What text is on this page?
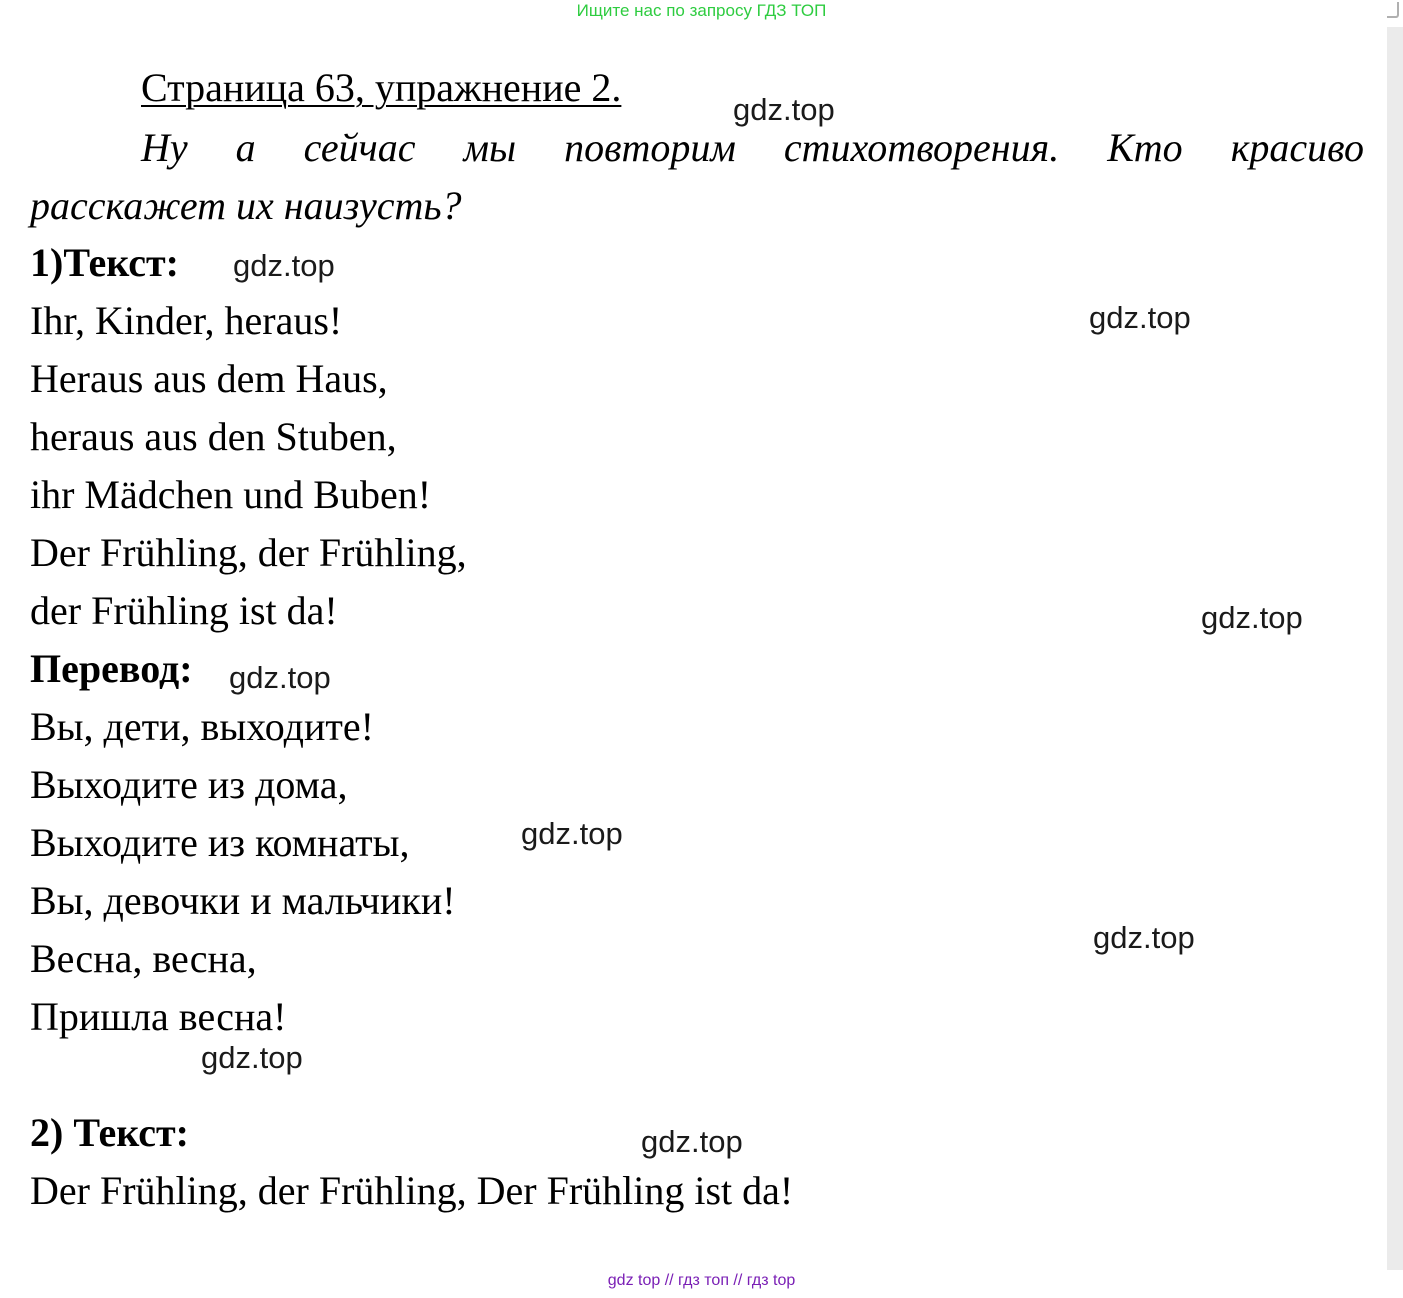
Ищите нас по запросу ГДЗ ТОП
Страница 63, упражнение 2.
Ну а сейчас мы повторим стихотворения. Кто красиво
расскажет их наизусть?
1)Текст:
Ihr, Kinder, heraus!
Heraus aus dem Haus,
heraus aus den Stuben,
ihr Mädchen und Buben!
Der Frühling, der Frühling,
der Frühling ist da!
Перевод:
Вы, дети, выходите!
Выходите из дома,
Выходите из комнаты,
Вы, девочки и мальчики!
Весна, весна,
Пришла весна!
2) Текст:
Der Frühling, der Frühling, Der Frühling ist da!
gdz.top
gdz.top
gdz.top
gdz.top
gdz.top
gdz.top
gdz.top
gdz.top
gdz.top
gdz top // гдз топ // гдз top
